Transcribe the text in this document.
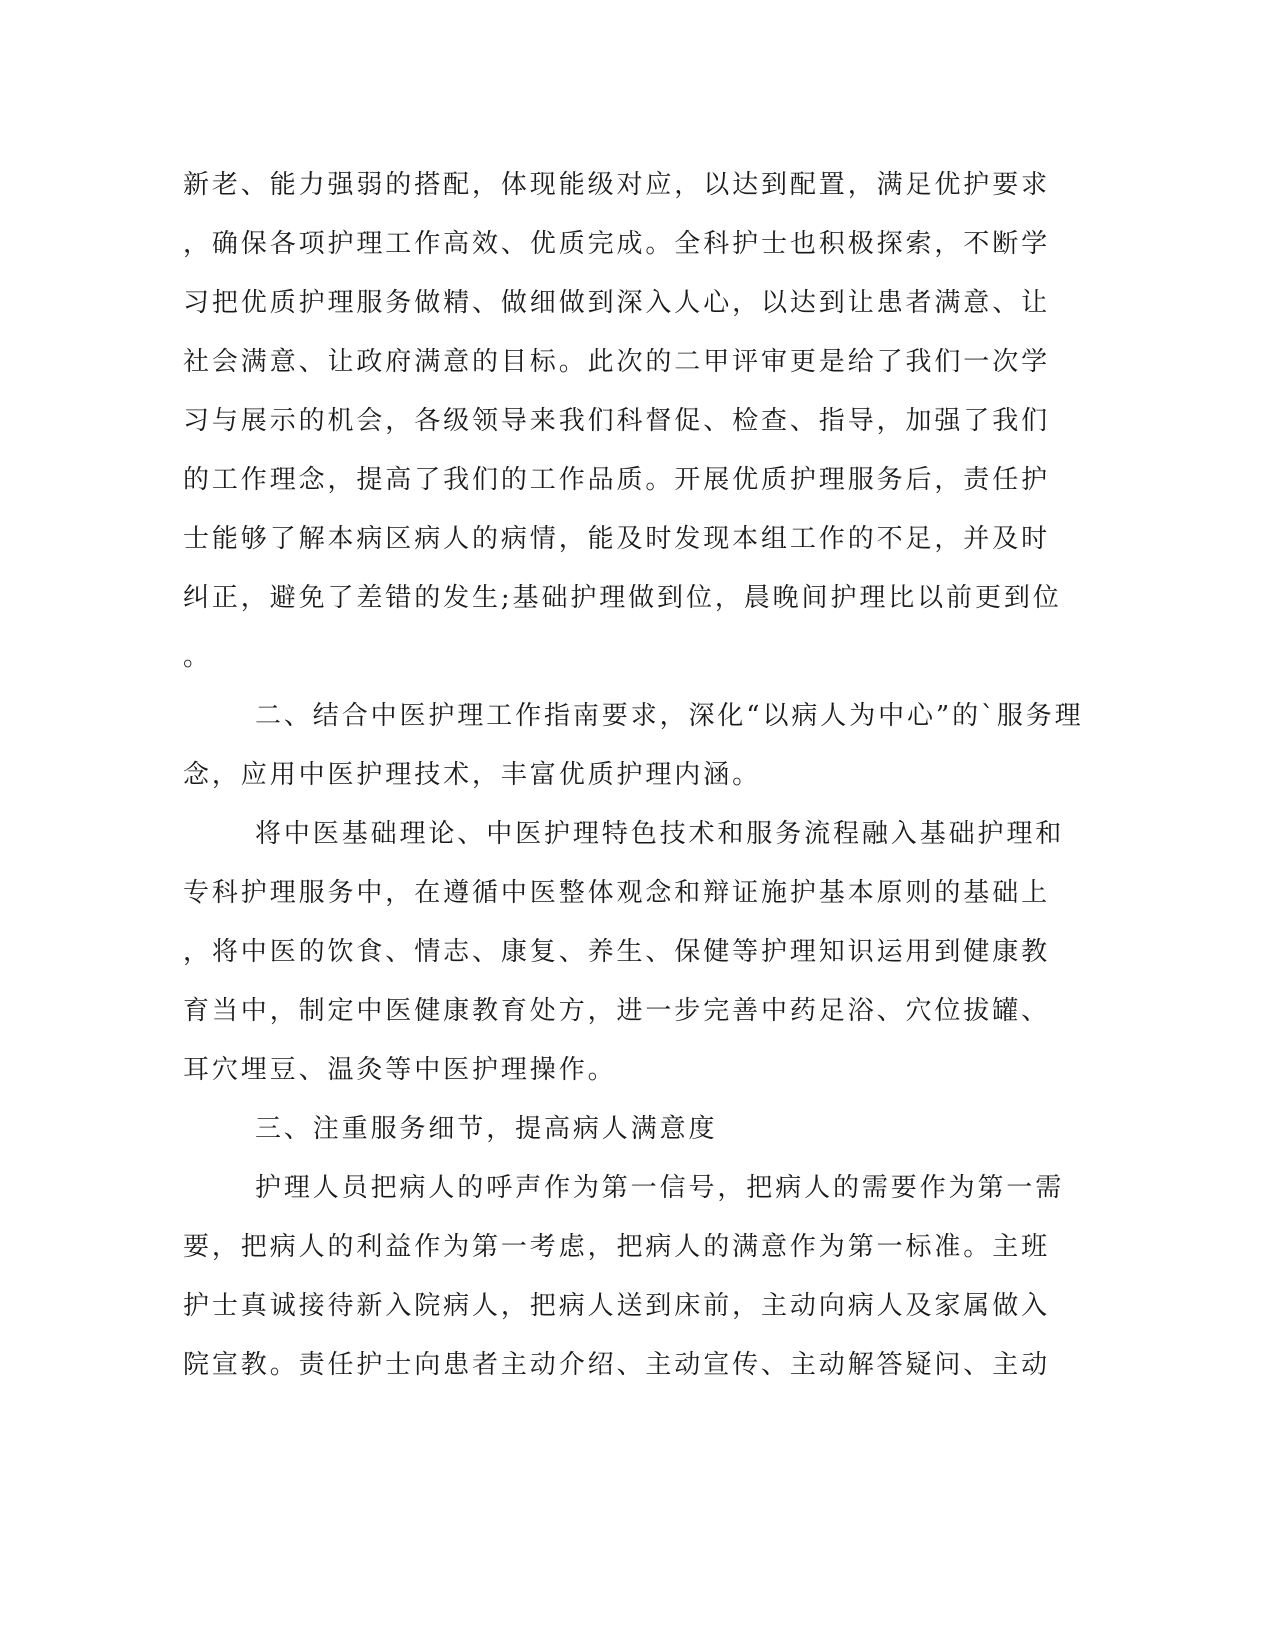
新老、能力强弱的搭配，体现能级对应，以达到配置，满足优护要求
，确保各项护理工作高效、优质完成。全科护士也积极探索，不断学
习把优质护理服务做精、做细做到深入人心，以达到让患者满意、让
社会满意、让政府满意的目标。此次的二甲评审更是给了我们一次学
习与展示的机会，各级领导来我们科督促、检查、指导，加强了我们
的工作理念，提高了我们的工作品质。开展优质护理服务后，责任护
士能够了解本病区病人的病情，能及时发现本组工作的不足，并及时
纠正，避免了差错的发生;基础护理做到位，晨晚间护理比以前更到位
。
二、结合中医护理工作指南要求，深化“以病人为中心”的`服务理
念，应用中医护理技术，丰富优质护理内涵。
将中医基础理论、中医护理特色技术和服务流程融入基础护理和
专科护理服务中，在遵循中医整体观念和辩证施护基本原则的基础上
，将中医的饮食、情志、康复、养生、保健等护理知识运用到健康教
育当中，制定中医健康教育处方，进一步完善中药足浴、穴位拔罐、
耳穴埋豆、温灸等中医护理操作。
三、注重服务细节，提高病人满意度
护理人员把病人的呼声作为第一信号，把病人的需要作为第一需
要，把病人的利益作为第一考虑，把病人的满意作为第一标准。主班
护士真诚接待新入院病人，把病人送到床前，主动向病人及家属做入
院宣教。责任护士向患者主动介绍、主动宣传、主动解答疑问、主动
